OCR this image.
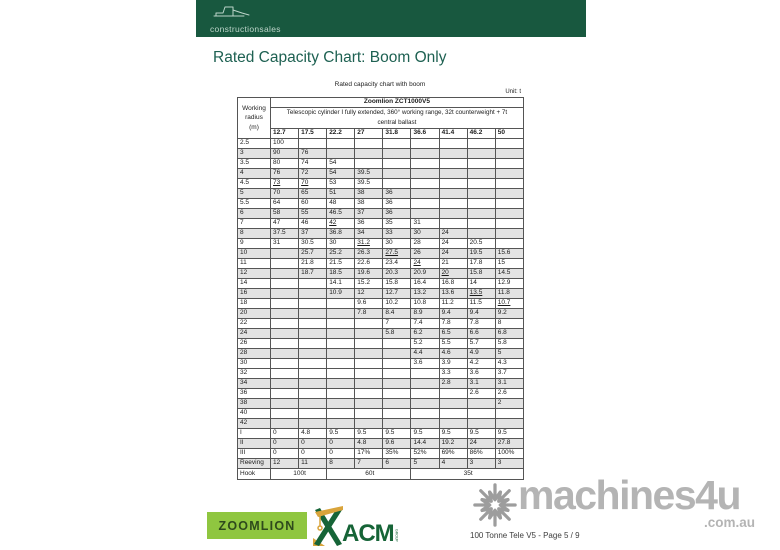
constructionsales
Rated Capacity Chart: Boom Only
Rated capacity chart with boom
Unit: t
Working
radius
(m)	Zoomlion ZCT1000V5								
	Telescopic cylinder I fully extended, 360° working range, 32t counterweight + 7t central ballast								
	12.7	17.5	22.2	27	31.8	36.6	41.4	46.2	50
2.5	100								
3	90	76							
3.5	80	74	54						
4	76	72	54	39.5					
4.5	73	70	53	39.5					
5	70	65	51	38	36				
5.5	64	60	48	38	36				
6	58	55	46.5	37	36				
7	47	46	42	36	35	31			
8	37.5	37	36.8	34	33	30	24		
9	31	30.5	30	31.2	30	28	24	20.5	
10		25.7	25.2	26.3	27.5	26	24	19.5	15.6
11		21.8	21.5	22.6	23.4	24	21	17.8	15
12		18.7	18.5	19.6	20.3	20.9	20	15.8	14.5
14			14.1	15.2	15.8	16.4	16.8	14	12.9
16			10.9	12	12.7	13.2	13.6	13.5	11.8
18				9.6	10.2	10.8	11.2	11.5	10.7
20				7.8	8.4	8.9	9.4	9.4	9.2
22					7	7.4	7.8	7.8	8
24					5.8	6.2	6.5	6.6	6.8
26						5.2	5.5	5.7	5.8
28						4.4	4.6	4.9	5
30						3.6	3.9	4.2	4.3
32							3.3	3.6	3.7
34							2.8	3.1	3.1
36								2.6	2.6
38									2
40									
42									
I	0	4.8	9.5	9.5	9.5	9.5	9.5	9.5	9.5
II	0	0	0	4.8	9.6	14.4	19.2	24	27.8
III	0	0	0	17%	35%	52%	69%	86%	100%
Reeving	12	11	8	7	6	5	4	3	3
Hook	100t		60t			35t			
ZOOMLION ACM GROUP
machines4u
.com.au
100 Tonne Tele V5 - Page 5 / 9
